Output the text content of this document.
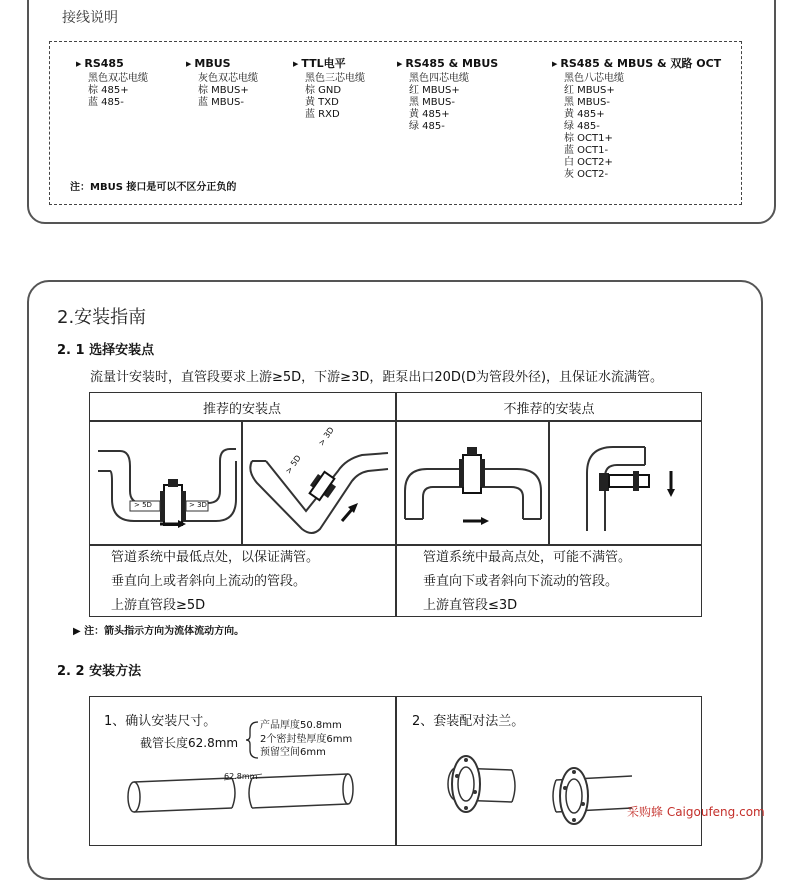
接线说明
▶ RS485
黑色双芯电缆
棕 485+
蓝 485-
▶ MBUS
灰色双芯电缆
棕 MBUS+
蓝 MBUS-
▶ TTL电平
黑色三芯电缆
棕 GND
黄 TXD
蓝 RXD
▶ RS485 & MBUS
黑色四芯电缆
红 MBUS+
黑 MBUS-
黄 485+
绿 485-
▶ RS485 & MBUS & 双路 OCT
黑色八芯电缆
红 MBUS+
黑 MBUS-
黄 485+
绿 485-
棕 OCT1+
蓝 OCT1-
白 OCT2+
灰 OCT2-
注：MBUS 接口是可以不区分正负的
2.安装指南
2. 1 选择安装点
流量计安装时，直管段要求上游≥5D，下游≥3D，距泵出口20D(D为管段外径)，且保证水流满管。
推荐的安装点	不推荐的安装点
> 5D	> 3D
> 5D
> 3D
管道系统中最低点处，以保证满管。
垂直向上或者斜向上流动的管段。
上游直管段≥5D
管道系统中最高点处，可能不满管。
垂直向下或者斜向下流动的管段。
上游直管段≤3D
▶ 注：箭头指示方向为流体流动方向。
2. 2 安装方法
1、确认安装尺寸。	2、套装配对法兰。
截管长度62.8mm
产品厚度50.8mm
2个密封垫厚度6mm
预留空间6mm
62.8mm
采购蜂 Caigoufeng.com
